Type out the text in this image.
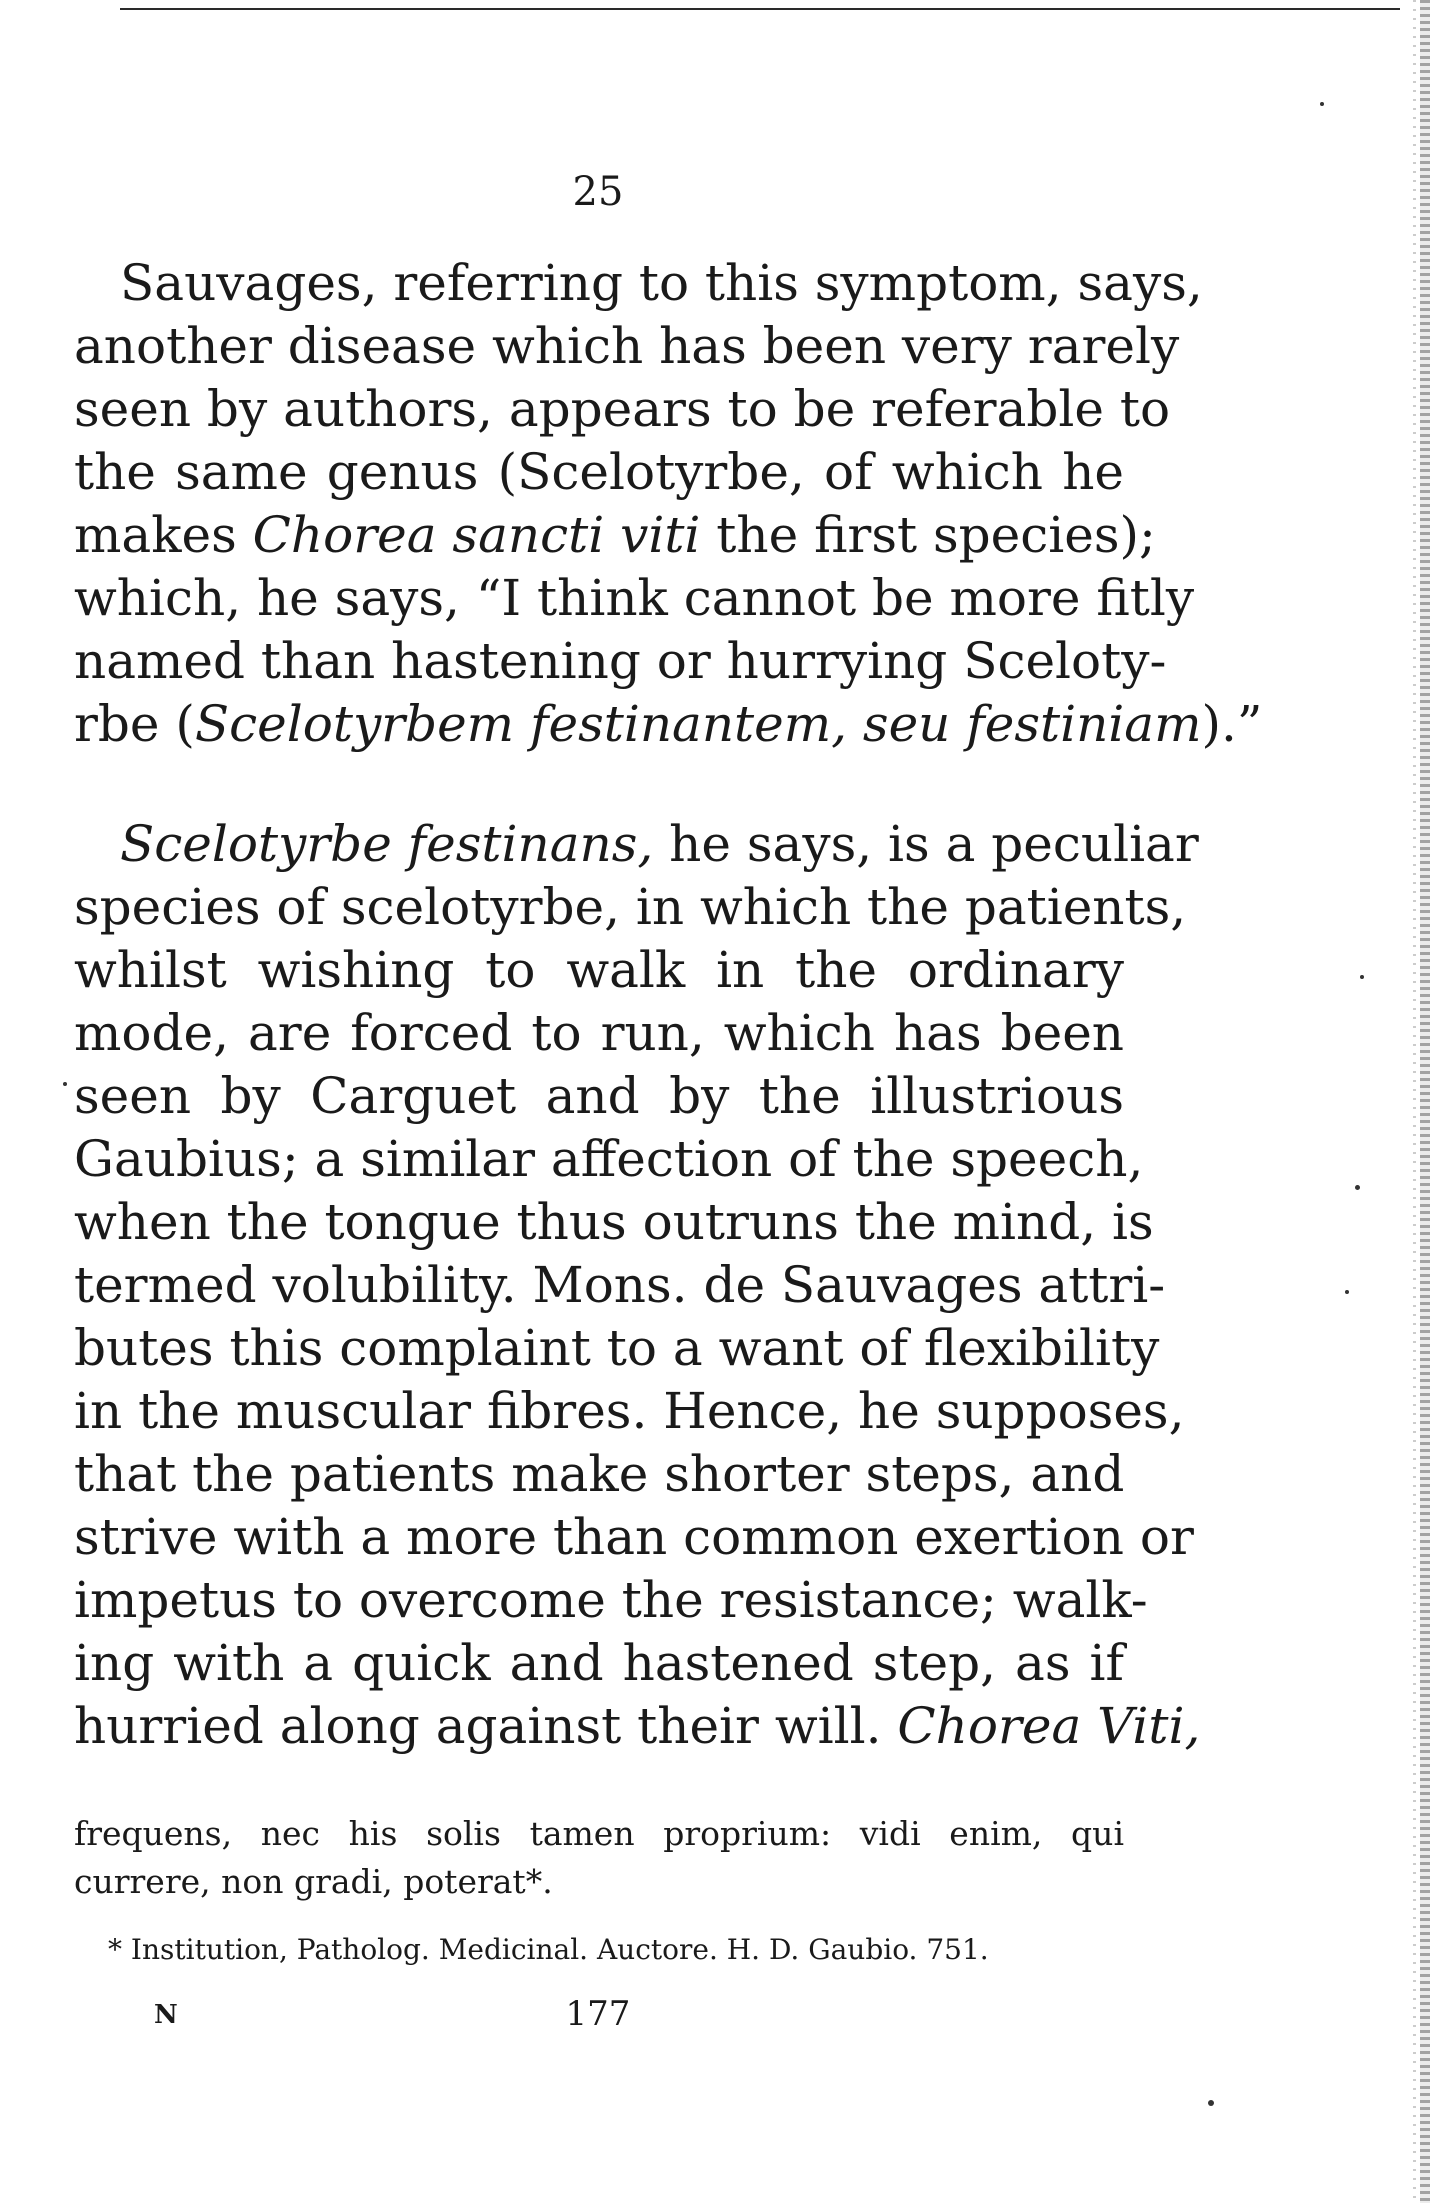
25
Sauvages, referring to this symptom, says,
another disease which has been very rarely
seen by authors, appears to be referable to
the same genus (Scelotyrbe, of which he
makes Chorea sancti viti the first species);
which, he says, “I think cannot be more fitly
named than hastening or hurrying Sceloty-
rbe (Scelotyrbem festinantem, seu festiniam).”
Scelotyrbe festinans, he says, is a peculiar
species of scelotyrbe, in which the patients,
whilst wishing to walk in the ordinary
mode, are forced to run, which has been
seen by Carguet and by the illustrious
Gaubius; a similar affection of the speech,
when the tongue thus outruns the mind, is
termed volubility. Mons. de Sauvages attri-
butes this complaint to a want of flexibility
in the muscular fibres. Hence, he supposes,
that the patients make shorter steps, and
strive with a more than common exertion or
impetus to overcome the resistance; walk-
ing with a quick and hastened step, as if
hurried along against their will. Chorea Viti,
frequens, nec his solis tamen proprium: vidi enim, qui
currere, non gradi, poterat*.
* Institution, Patholog. Medicinal. Auctore. H. D. Gaubio. 751.
N	177
